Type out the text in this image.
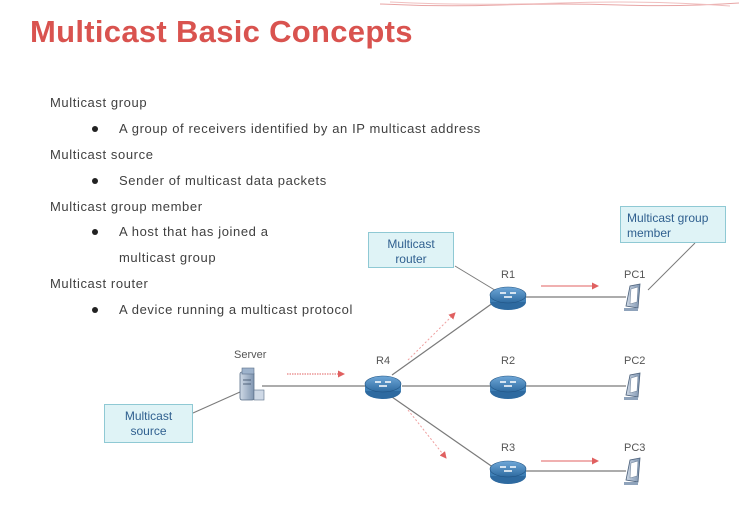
Multicast Basic Concepts
Multicast group
A group of receivers identified by an IP multicast address
Multicast source
Sender of multicast data packets
Multicast group member
A host that has joined a
multicast group
Multicast router
A device running a multicast protocol
Server	R4
R1
R2
R3
PC1
PC2
PC3
Multicast
router
Multicast group
member
Multicast
source
